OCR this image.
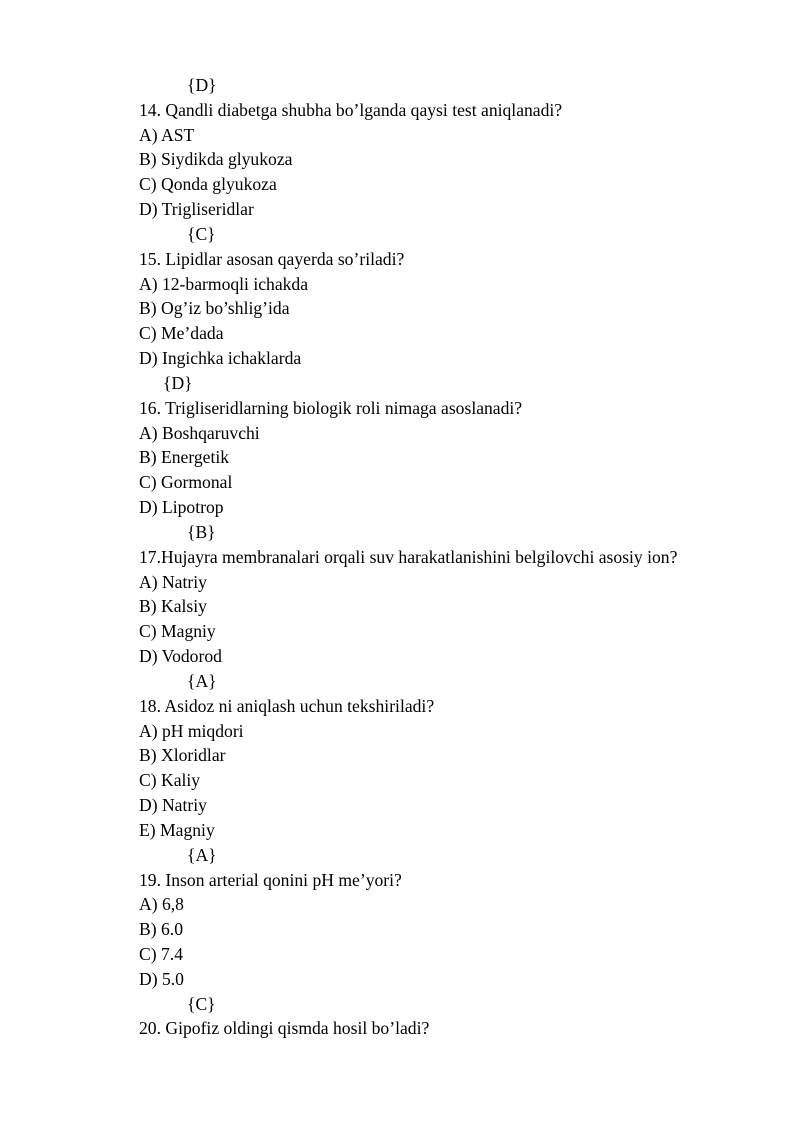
{D}
14. Qandli diabetga shubha bo’lganda qaysi test aniqlanadi?
A) AST
B) Siydikda glyukoza
C) Qonda glyukoza
D) Trigliseridlar
{C}
15. Lipidlar asosan qayerda so’riladi?
A) 12-barmoqli ichakda
B) Og’iz bo’shlig’ida
C) Me’dada
D) Ingichka ichaklarda
{D}
16. Trigliseridlarning biologik roli nimaga asoslanadi?
A) Boshqaruvchi
B) Energetik
C) Gormonal
D) Lipotrop
{B}
17.Hujayra membranalari orqali suv harakatlanishini belgilovchi asosiy ion?
A) Natriy
B) Kalsiy
C) Magniy
D) Vodorod
{A}
18. Asidoz ni aniqlash uchun tekshiriladi?
A) pH miqdori
B) Xloridlar
C) Kaliy
D) Natriy
E) Magniy
{A}
19. Inson arterial qonini pH me’yori?
A) 6,8
B) 6.0
C) 7.4
D) 5.0
{C}
20. Gipofiz oldingi qismda hosil bo’ladi?
